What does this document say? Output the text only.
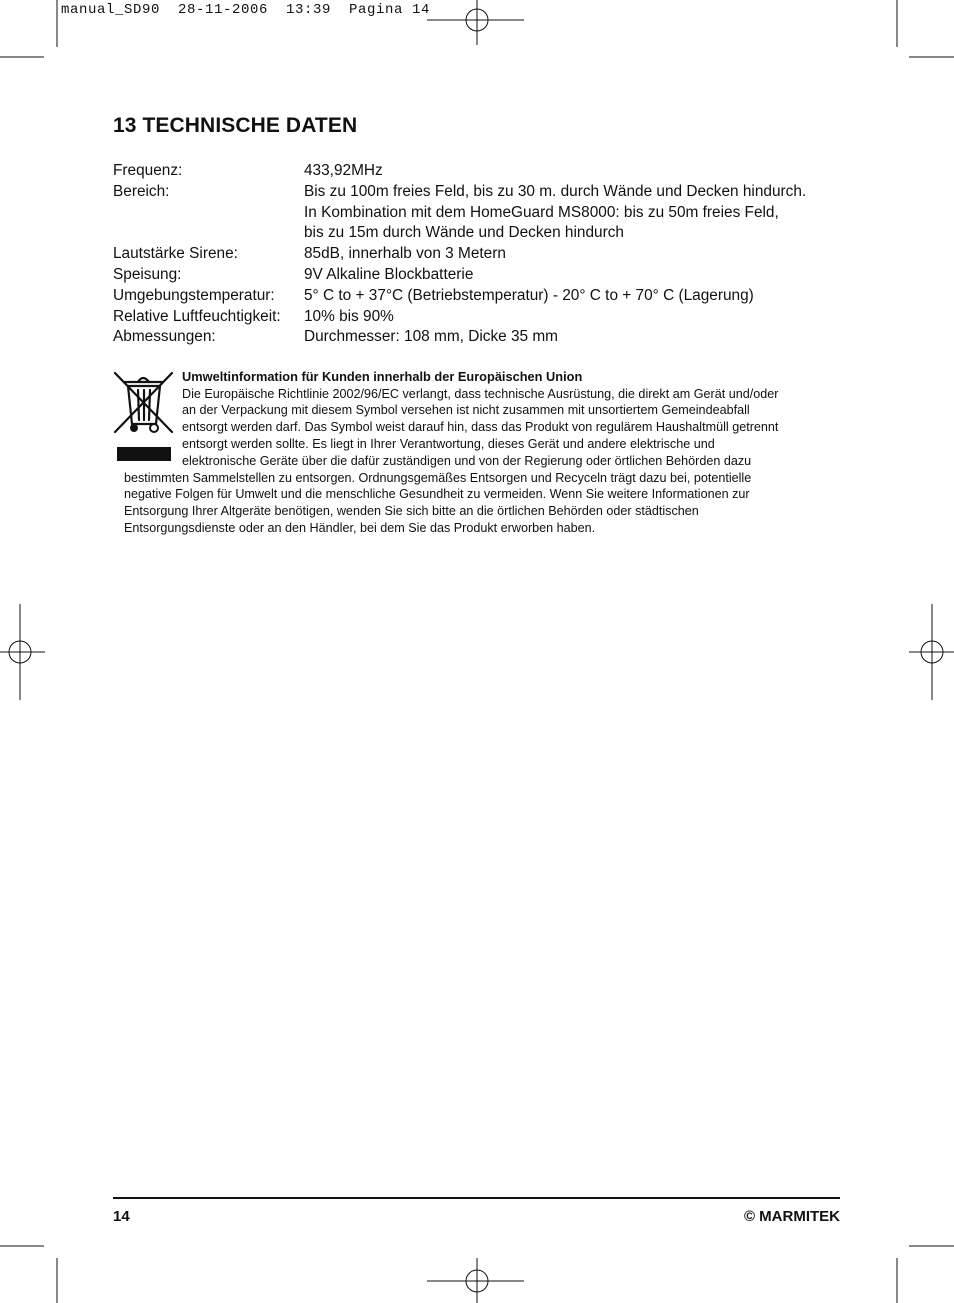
manual_SD90  28-11-2006  13:39  Pagina 14
13 TECHNISCHE DATEN
Frequenz:	433,92MHz
Bereich:	Bis zu 100m freies Feld, bis zu 30 m. durch Wände und Decken hindurch.
In Kombination mit dem HomeGuard MS8000: bis zu 50m freies Feld,
bis zu 15m durch Wände und Decken hindurch
Lautstärke Sirene:	85dB, innerhalb von 3 Metern
Speisung:	9V Alkaline Blockbatterie
Umgebungstemperatur:	5° C to + 37°C (Betriebstemperatur) - 20° C to + 70° C (Lagerung)
Relative Luftfeuchtigkeit:	10% bis 90%
Abmessungen:	Durchmesser: 108 mm, Dicke 35 mm
Umweltinformation für Kunden innerhalb der Europäischen Union
Die Europäische Richtlinie 2002/96/EC verlangt, dass technische Ausrüstung, die direkt am Gerät und/oder
an der Verpackung mit diesem Symbol versehen ist nicht zusammen mit unsortiertem Gemeindeabfall
entsorgt werden darf. Das Symbol weist darauf hin, dass das Produkt von regulärem Haushaltmüll getrennt
entsorgt werden sollte. Es liegt in Ihrer Verantwortung, dieses Gerät und andere elektrische und
elektronische Geräte über die dafür zuständigen und von der Regierung oder örtlichen Behörden dazu
bestimmten Sammelstellen zu entsorgen. Ordnungsgemäßes Entsorgen und Recyceln trägt dazu bei, potentielle
negative Folgen für Umwelt und die menschliche Gesundheit zu vermeiden. Wenn Sie weitere Informationen zur
Entsorgung Ihrer Altgeräte benötigen, wenden Sie sich bitte an die örtlichen Behörden oder städtischen
Entsorgungsdienste oder an den Händler, bei dem Sie das Produkt erworben haben.
14	© MARMITEK
